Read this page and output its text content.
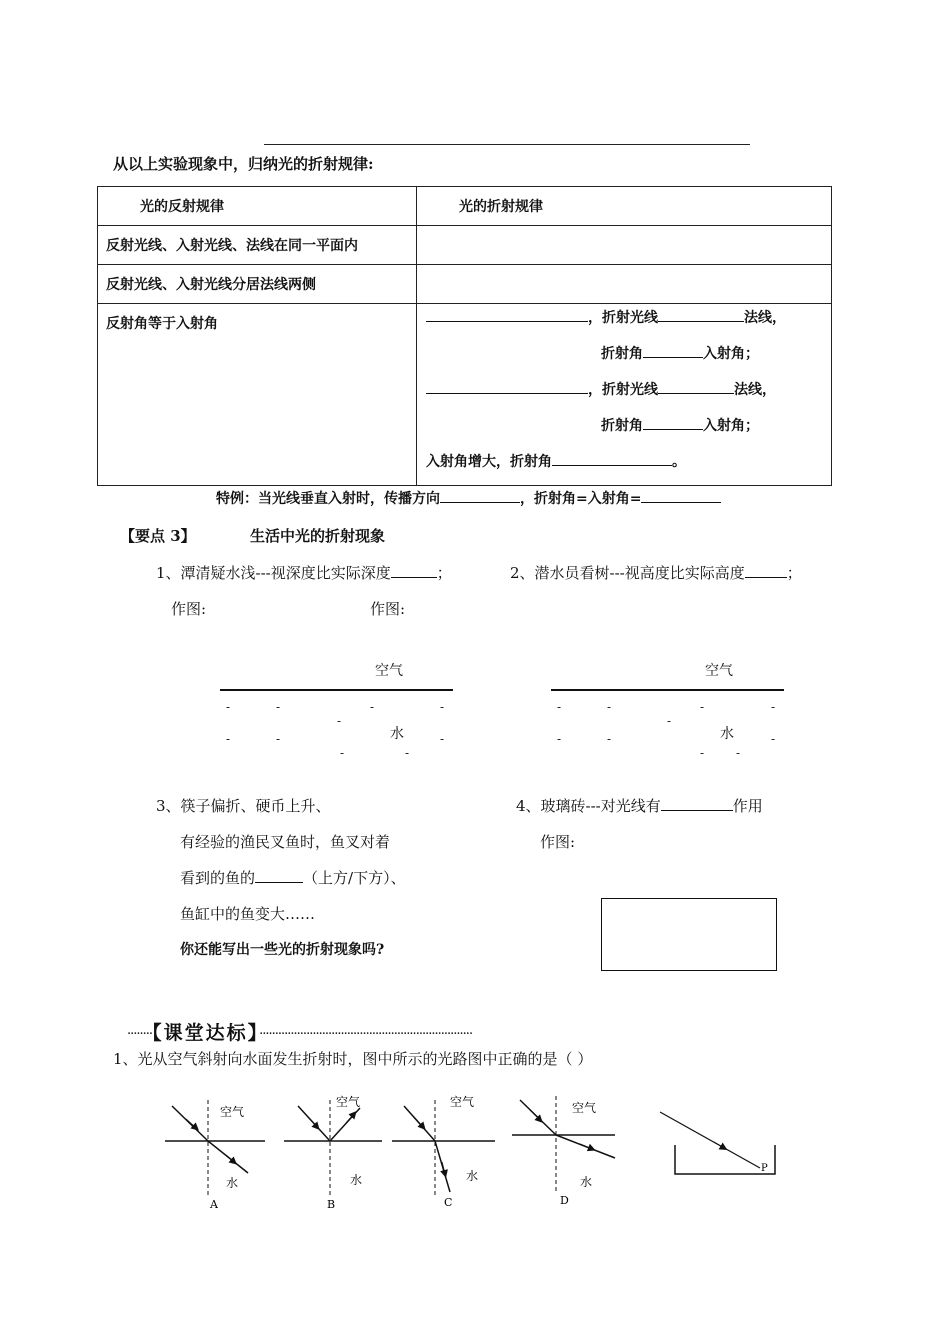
从以上实验现象中，归纳光的折射规律:
光的反射规律	光的折射规律

反射光线、入射光线、法线在同一平面内	

反射光线、入射光线分居法线两侧	

反射角等于入射角	
		，折射光线	法线，
折射角	入射角；
，折射光线	法线，
折射角	入射角；
入射角增大，折射角	。
特例：当光线垂直入射时，传播方向	，折射角=入射角=
【要点 3】	生活中光的折射现象
1、潭清疑水浅---视深度比实际深度	；	2、潜水员看树---视高度比实际高度	；
作图:	作图:
空气
-	-	-	-
-
-	-	-
-	-
水
空气
-	-	-	-
-
-	-	-
-	-
水
3、筷子偏折、硬币上升、
有经验的渔民叉鱼时，鱼叉对着
看到的鱼的	（上方/下方）、
鱼缸中的鱼变大……
你还能写出一些光的折射现象吗?
4、玻璃砖---对光线有	作用
作图:
········【课堂达标】····································································
1、光从空气斜射向水面发生折射时，图中所示的光路图中正确的是（ ）
空气
水
A
空气
水
B
空气
水
C
空气
水
D
P
